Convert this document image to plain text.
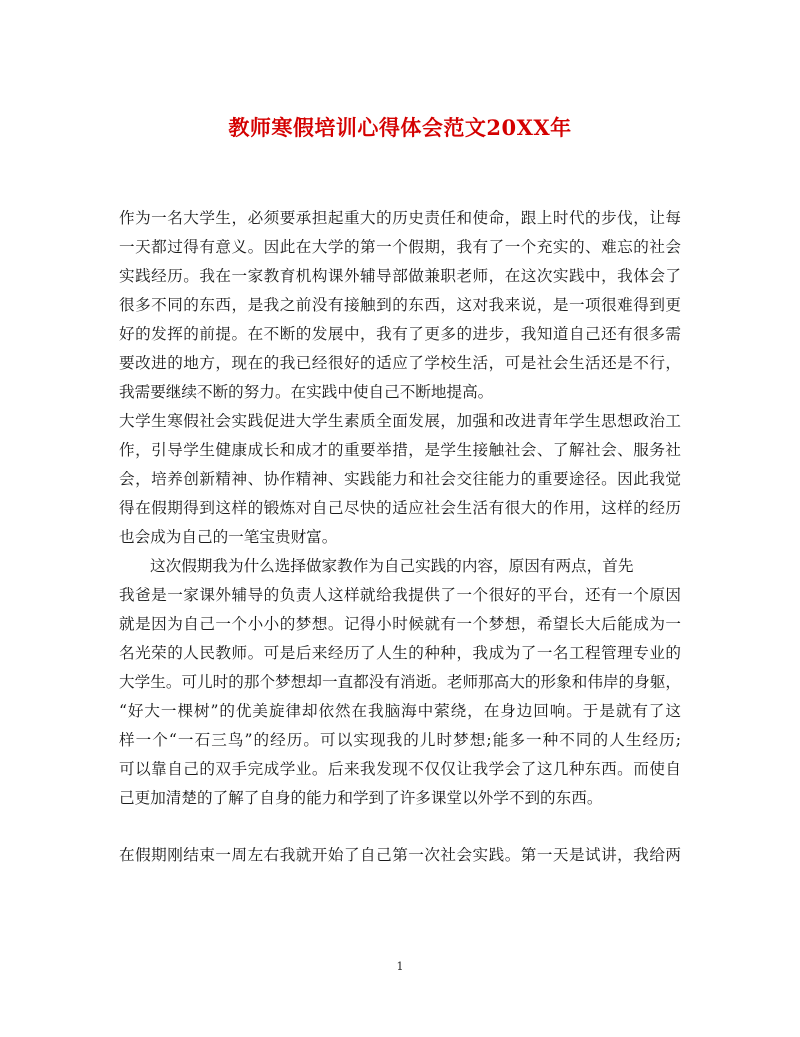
教师寒假培训心得体会范文20XX年
作为一名大学生，必须要承担起重大的历史责任和使命，跟上时代的步伐，让每
一天都过得有意义。因此在大学的第一个假期，我有了一个充实的、难忘的社会
实践经历。我在一家教育机构课外辅导部做兼职老师，在这次实践中，我体会了
很多不同的东西，是我之前没有接触到的东西，这对我来说，是一项很难得到更
好的发挥的前提。在不断的发展中，我有了更多的进步，我知道自己还有很多需
要改进的地方，现在的我已经很好的适应了学校生活，可是社会生活还是不行，
我需要继续不断的努力。在实践中使自己不断地提高。
大学生寒假社会实践促进大学生素质全面发展，加强和改进青年学生思想政治工
作，引导学生健康成长和成才的重要举措，是学生接触社会、了解社会、服务社
会，培养创新精神、协作精神、实践能力和社会交往能力的重要途径。因此我觉
得在假期得到这样的锻炼对自己尽快的适应社会生活有很大的作用，这样的经历
也会成为自己的一笔宝贵财富。
这次假期我为什么选择做家教作为自己实践的内容，原因有两点，首先
我爸是一家课外辅导的负责人这样就给我提供了一个很好的平台，还有一个原因
就是因为自己一个小小的梦想。记得小时候就有一个梦想，希望长大后能成为一
名光荣的人民教师。可是后来经历了人生的种种，我成为了一名工程管理专业的
大学生。可儿时的那个梦想却一直都没有消逝。老师那高大的形象和伟岸的身躯，
“好大一棵树”的优美旋律却依然在我脑海中萦绕，在身边回响。于是就有了这
样一个“一石三鸟”的经历。可以实现我的儿时梦想;能多一种不同的人生经历;
可以靠自己的双手完成学业。后来我发现不仅仅让我学会了这几种东西。而使自
己更加清楚的了解了自身的能力和学到了许多课堂以外学不到的东西。
在假期刚结束一周左右我就开始了自己第一次社会实践。第一天是试讲，我给两
1
